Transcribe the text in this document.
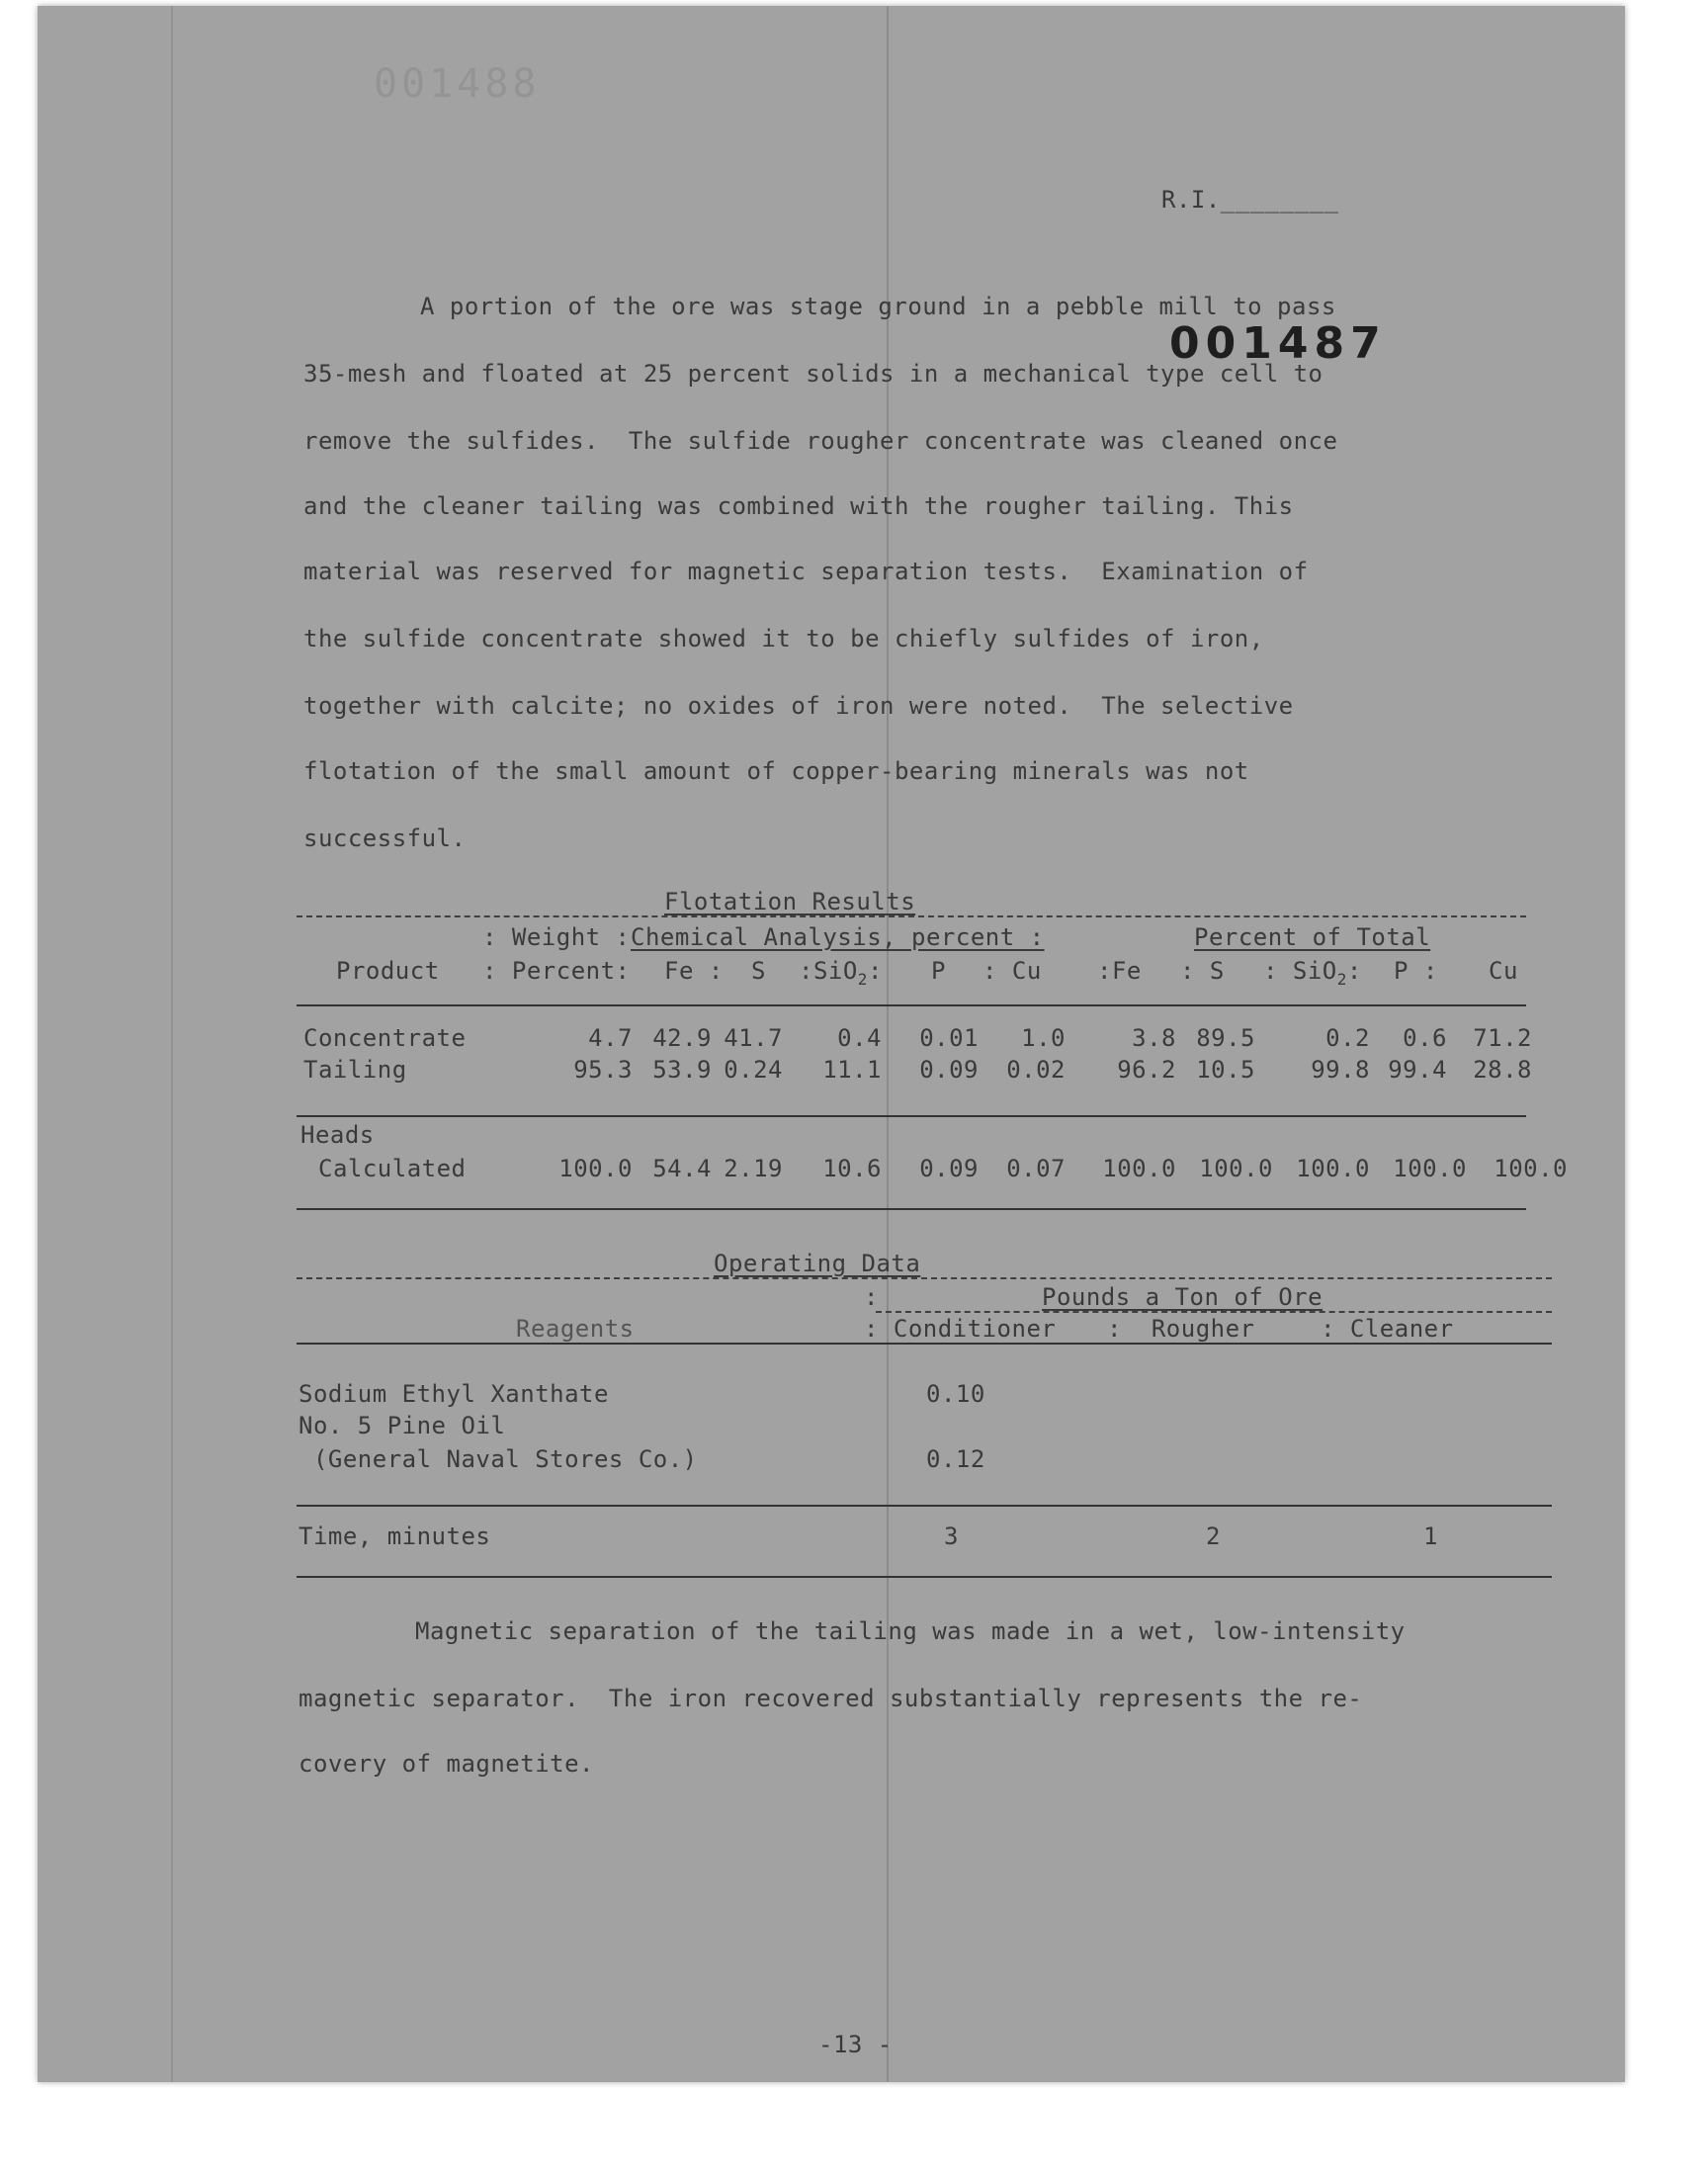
001488
R.I.________
001487
A portion of the ore was stage ground in a pebble mill to pass
35-mesh and floated at 25 percent solids in a mechanical type cell to
remove the sulfides.  The sulfide rougher concentrate was cleaned once
and the cleaner tailing was combined with the rougher tailing. This
material was reserved for magnetic separation tests.  Examination of
the sulfide concentrate showed it to be chiefly sulfides of iron,
together with calcite; no oxides of iron were noted.  The selective
flotation of the small amount of copper-bearing minerals was not
successful.
Flotation Results
: Weight : Chemical Analysis, percent :	Percent of Total
Product : Percent: Fe : S :SiO$_2$: P : Cu :Fe : S : SiO$_2$: P : Cu
Concentrate	4.7 42.9 41.7	0.4	0.01	1.0	3.8 89.5	0.2	0.6	71.2
Tailing	95.3 53.9 0.24	11.1	0.09	0.02	96.2 10.5	99.8 99.4	28.8
Heads
Calculated	100.0 54.4 2.19	10.6	0.09	0.07 100.0 100.0 100.0 100.0 100.0
Operating Data
:	Pounds a Ton of Ore
Reagents	: Conditioner :  Rougher	: Cleaner
Sodium Ethyl Xanthate	0.10
No. 5 Pine Oil
(General Naval Stores Co.)	0.12
Time, minutes	3	2	1
Magnetic separation of the tailing was made in a wet, low-intensity
magnetic separator.  The iron recovered substantially represents the re-
covery of magnetite.
-13 -
